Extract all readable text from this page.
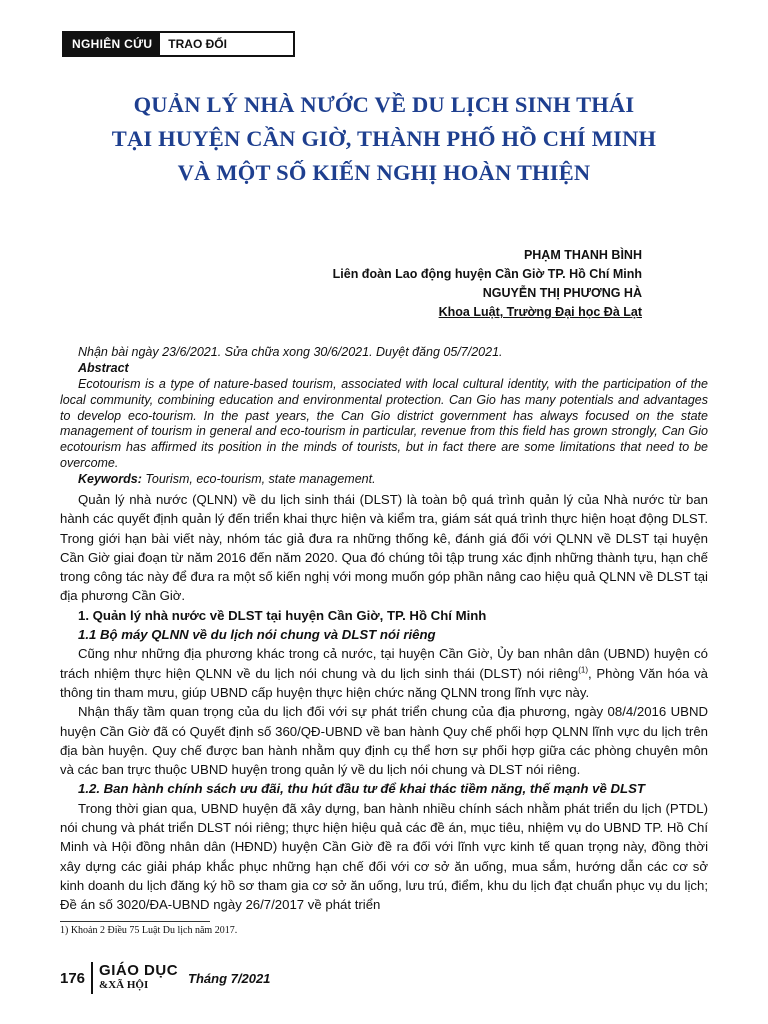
NGHIÊN CỨU	TRAO ĐỔI
QUẢN LÝ NHÀ NƯỚC VỀ DU LỊCH SINH THÁI
TẠI HUYỆN CẦN GIỜ, THÀNH PHỐ HỒ CHÍ MINH
VÀ MỘT SỐ KIẾN NGHỊ HOÀN THIỆN
PHẠM THANH BÌNH
Liên đoàn Lao động huyện Cần Giờ TP. Hồ Chí Minh
NGUYỄN THỊ PHƯƠNG HÀ
Khoa Luật, Trường Đại học Đà Lạt
Nhận bài ngày 23/6/2021. Sửa chữa xong 30/6/2021. Duyệt đăng 05/7/2021.
Abstract

Ecotourism is a type of nature-based tourism, associated with local cultural identity, with the participation of the local community, combining education and environmental protection. Can Gio has many potentials and advantages to develop eco-tourism. In the past years, the Can Gio district government has always focused on the state management of tourism in general and eco-tourism in particular, revenue from this field has grown strongly, Can Gio ecotourism has affirmed its position in the minds of tourists, but in fact there are some limitations that need to be overcome.

Keywords: Tourism, eco-tourism, state management.

Quản lý nhà nước (QLNN) về du lịch sinh thái (DLST) là toàn bộ quá trình quản lý của Nhà nước từ ban hành các quyết định quản lý đến triển khai thực hiện và kiểm tra, giám sát quá trình thực hiện hoạt động DLST. Trong giới hạn bài viết này, nhóm tác giả đưa ra những thống kê, đánh giá đối với QLNN về DLST tại huyện Cần Giờ giai đoạn từ năm 2016 đến năm 2020. Qua đó chúng tôi tập trung xác định những thành tựu, hạn chế trong công tác này để đưa ra một số kiến nghị với mong muốn góp phần nâng cao hiệu quả QLNN về DLST tại địa phương Cần Giờ.

1. Quản lý nhà nước về DLST tại huyện Cần Giờ, TP. Hồ Chí Minh
1.1 Bộ máy QLNN về du lịch nói chung và DLST nói riêng

Cũng như những địa phương khác trong cả nước, tại huyện Cần Giờ, Ủy ban nhân dân (UBND) huyện có trách nhiệm thực hiện QLNN về du lịch nói chung và du lịch sinh thái (DLST) nói riêng$^{(1)}$, Phòng Văn hóa và thông tin tham mưu, giúp UBND cấp huyện thực hiện chức năng QLNN trong lĩnh vực này.

Nhận thấy tầm quan trọng của du lịch đối với sự phát triển chung của địa phương, ngày 08/4/2016 UBND huyện Cần Giờ đã có Quyết định số 360/QĐ-UBND về ban hành Quy chế phối hợp QLNN lĩnh vực du lịch trên địa bàn huyện. Quy chế được ban hành nhằm quy định cụ thể hơn sự phối hợp giữa các phòng chuyên môn và các ban trực thuộc UBND huyện trong quản lý về du lịch nói chung và DLST nói riêng.

1.2. Ban hành chính sách ưu đãi, thu hút đầu tư để khai thác tiềm năng, thế mạnh về DLST

Trong thời gian qua, UBND huyện đã xây dựng, ban hành nhiều chính sách nhằm phát triển du lịch (PTDL) nói chung và phát triển DLST nói riêng; thực hiện hiệu quả các đề án, mục tiêu, nhiệm vụ do UBND TP. Hồ Chí Minh và Hội đồng nhân dân (HĐND) huyện Cần Giờ đề ra đối với lĩnh vực kinh tế quan trọng này, đồng thời xây dựng các giải pháp khắc phục những hạn chế đối với cơ sở ăn uống, mua sắm, hướng dẫn các cơ sở kinh doanh du lịch đăng ký hồ sơ tham gia cơ sở ăn uống, lưu trú, điểm, khu du lịch đạt chuẩn phục vụ du lịch; Đề án số 3020/ĐA-UBND ngày 26/7/2017 về phát triển

1) Khoản 2 Điều 75 Luật Du lịch năm 2017.
176 GIÁO DỤC
&XÃ HỘI	Tháng 7/2021
